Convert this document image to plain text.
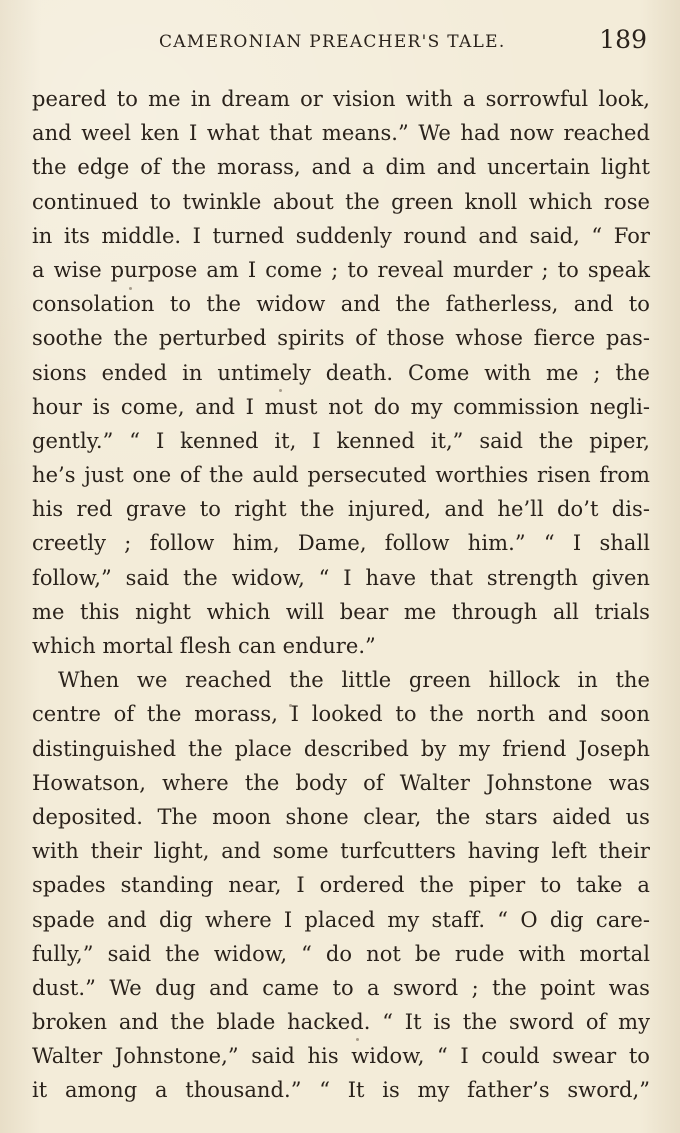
CAMERONIAN PREACHER'S TALE.	189
peared to me in dream or vision with a sorrowful look,
and weel ken I what that means.” We had now reached
the edge of the morass, and a dim and uncertain light
continued to twinkle about the green knoll which rose
in its middle. I turned suddenly round and said, “ For
a wise purpose am I come ; to reveal murder ; to speak
consolation to the widow and the fatherless, and to
soothe the perturbed spirits of those whose fierce pas-
sions ended in untimely death. Come with me ; the
hour is come, and I must not do my commission negli-
gently.” “ I kenned it, I kenned it,” said the piper,
he’s just one of the auld persecuted worthies risen from
his red grave to right the injured, and he’ll do’t dis-
creetly ; follow him, Dame, follow him.” “ I shall
follow,” said the widow, “ I have that strength given
me this night which will bear me through all trials
which mortal flesh can endure.”
When we reached the little green hillock in the
centre of the morass, I looked to the north and soon
distinguished the place described by my friend Joseph
Howatson, where the body of Walter Johnstone was
deposited. The moon shone clear, the stars aided us
with their light, and some turfcutters having left their
spades standing near, I ordered the piper to take a
spade and dig where I placed my staff. “ O dig care-
fully,” said the widow, “ do not be rude with mortal
dust.” We dug and came to a sword ; the point was
broken and the blade hacked. “ It is the sword of my
Walter Johnstone,” said his widow, “ I could swear to
it among a thousand.” “ It is my father’s sword,”
